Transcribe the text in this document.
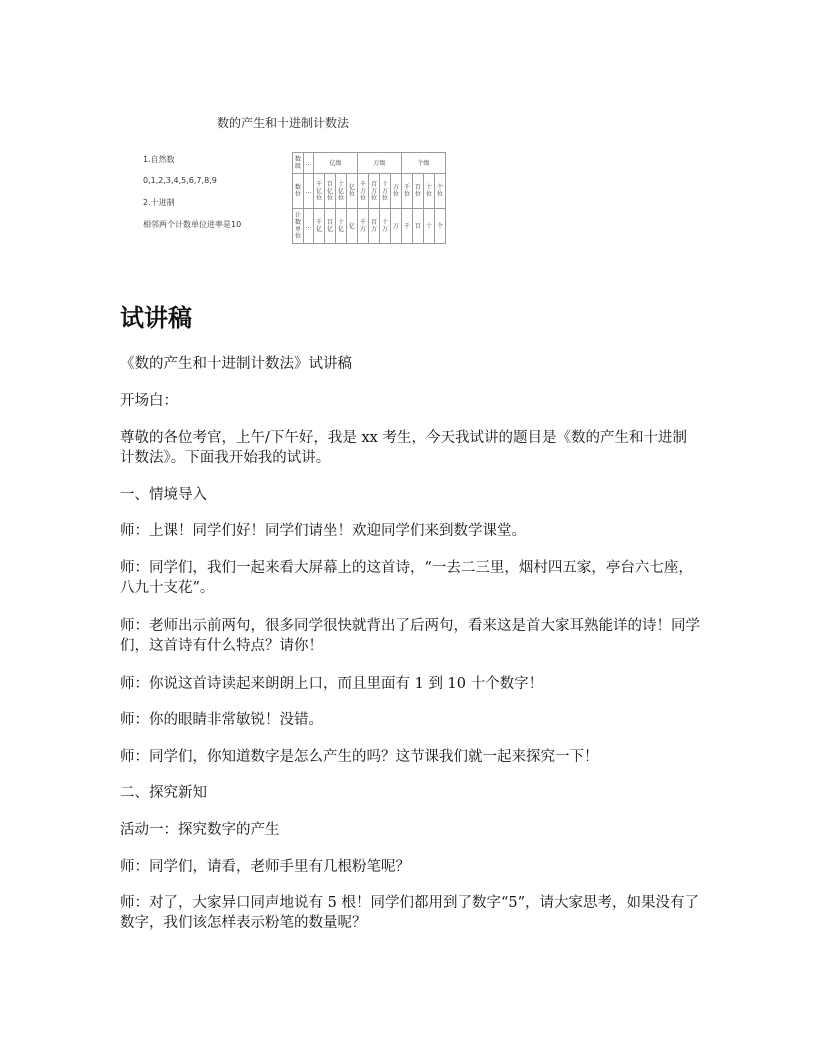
数的产生和十进制计数法
1.自然数
0,1,2,3,4,5,6,7,8,9
2.十进制
相邻两个计数单位进率是10
数级	…	亿级				万级				个级			
数位	…	千亿位	百亿位	十亿位	亿位	千万位	百万位	十万位	万位	千位	百位	十位	个位
计数单位	…	千亿	百亿	十亿	亿	千万	百万	十万	万	千	百	十	个
试讲稿

《数的产生和十进制计数法》试讲稿

开场白：

尊敬的各位考官，上午/下午好，我是 xx 考生，今天我试讲的题目是《数的产生和十进制计数法》。下面我开始我的试讲。

一、情境导入

师：上课！同学们好！同学们请坐！欢迎同学们来到数学课堂。

师：同学们，我们一起来看大屏幕上的这首诗，“一去二三里，烟村四五家，亭台六七座，八九十支花”。

师：老师出示前两句，很多同学很快就背出了后两句，看来这是首大家耳熟能详的诗！同学们，这首诗有什么特点？请你！

师：你说这首诗读起来朗朗上口，而且里面有 1 到 10 十个数字！

师：你的眼睛非常敏锐！没错。

师：同学们，你知道数字是怎么产生的吗？这节课我们就一起来探究一下！

二、探究新知

活动一：探究数字的产生

师：同学们，请看，老师手里有几根粉笔呢？

师：对了，大家异口同声地说有 5 根！同学们都用到了数字“5”，请大家思考，如果没有了数字，我们该怎样表示粉笔的数量呢？
